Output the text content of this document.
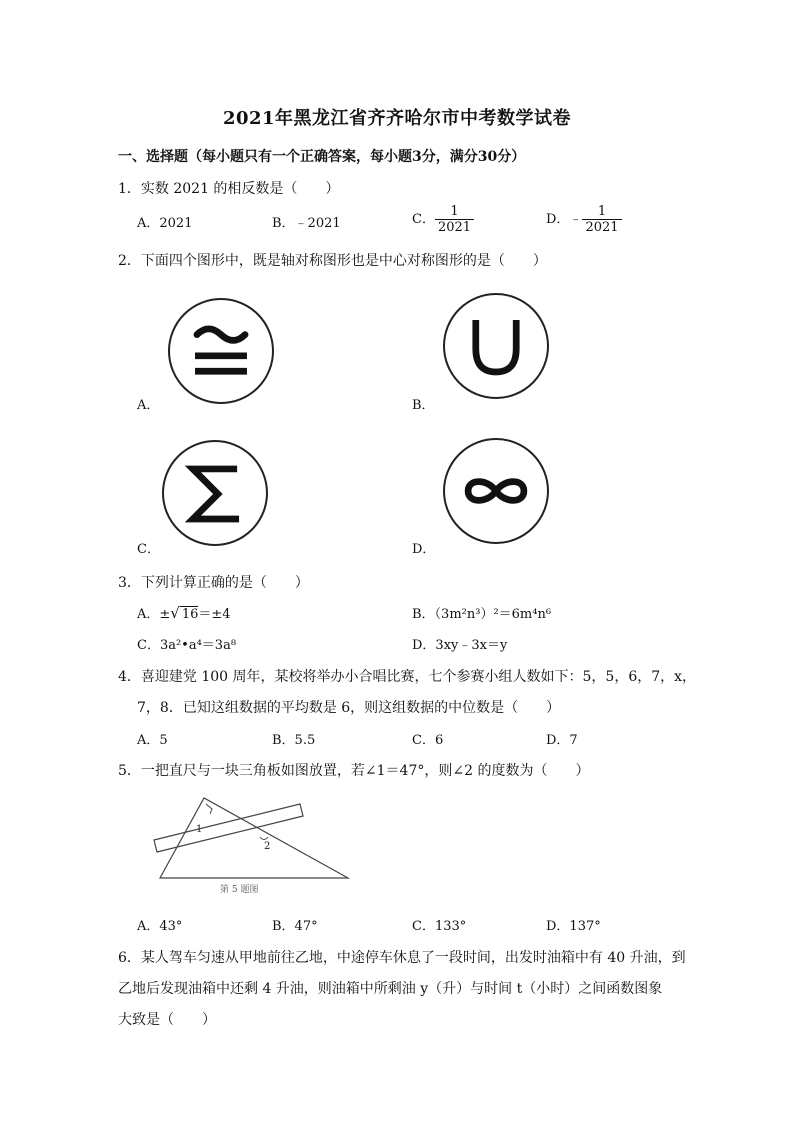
2021年黑龙江省齐齐哈尔市中考数学试卷
一、选择题（每小题只有一个正确答案，每小题3分，满分30分）
1．实数 2021 的相反数是（　　）
A．2021	B．﹣2021	C． $\frac{1}{2021}$	D．﹣ $\frac{1}{2021}$
2．下面四个图形中，既是轴对称图形也是中心对称图形的是（　　）
A．	B．
C．	D．
3．下列计算正确的是（　　）
A．±√ 16＝±4	B．（3m²n³）²＝6m⁴n⁶
C．3a²•a⁴＝3a⁸	D．3xy﹣3x＝y
4．喜迎建党 100 周年，某校将举办小合唱比赛，七个参赛小组人数如下：5，5，6，7，x，
7，8．已知这组数据的平均数是 6，则这组数据的中位数是（　　）
A．5	B．5.5	C．6	D．7
5．一把直尺与一块三角板如图放置，若∠1＝47°，则∠2 的度数为（　　）
1
2
第 5 题图
A．43°	B．47°	C．133°	D．137°
6．某人驾车匀速从甲地前往乙地，中途停车休息了一段时间，出发时油箱中有 40 升油，到
乙地后发现油箱中还剩 4 升油，则油箱中所剩油 y（升）与时间 t（小时）之间函数图象
大致是（　　）
